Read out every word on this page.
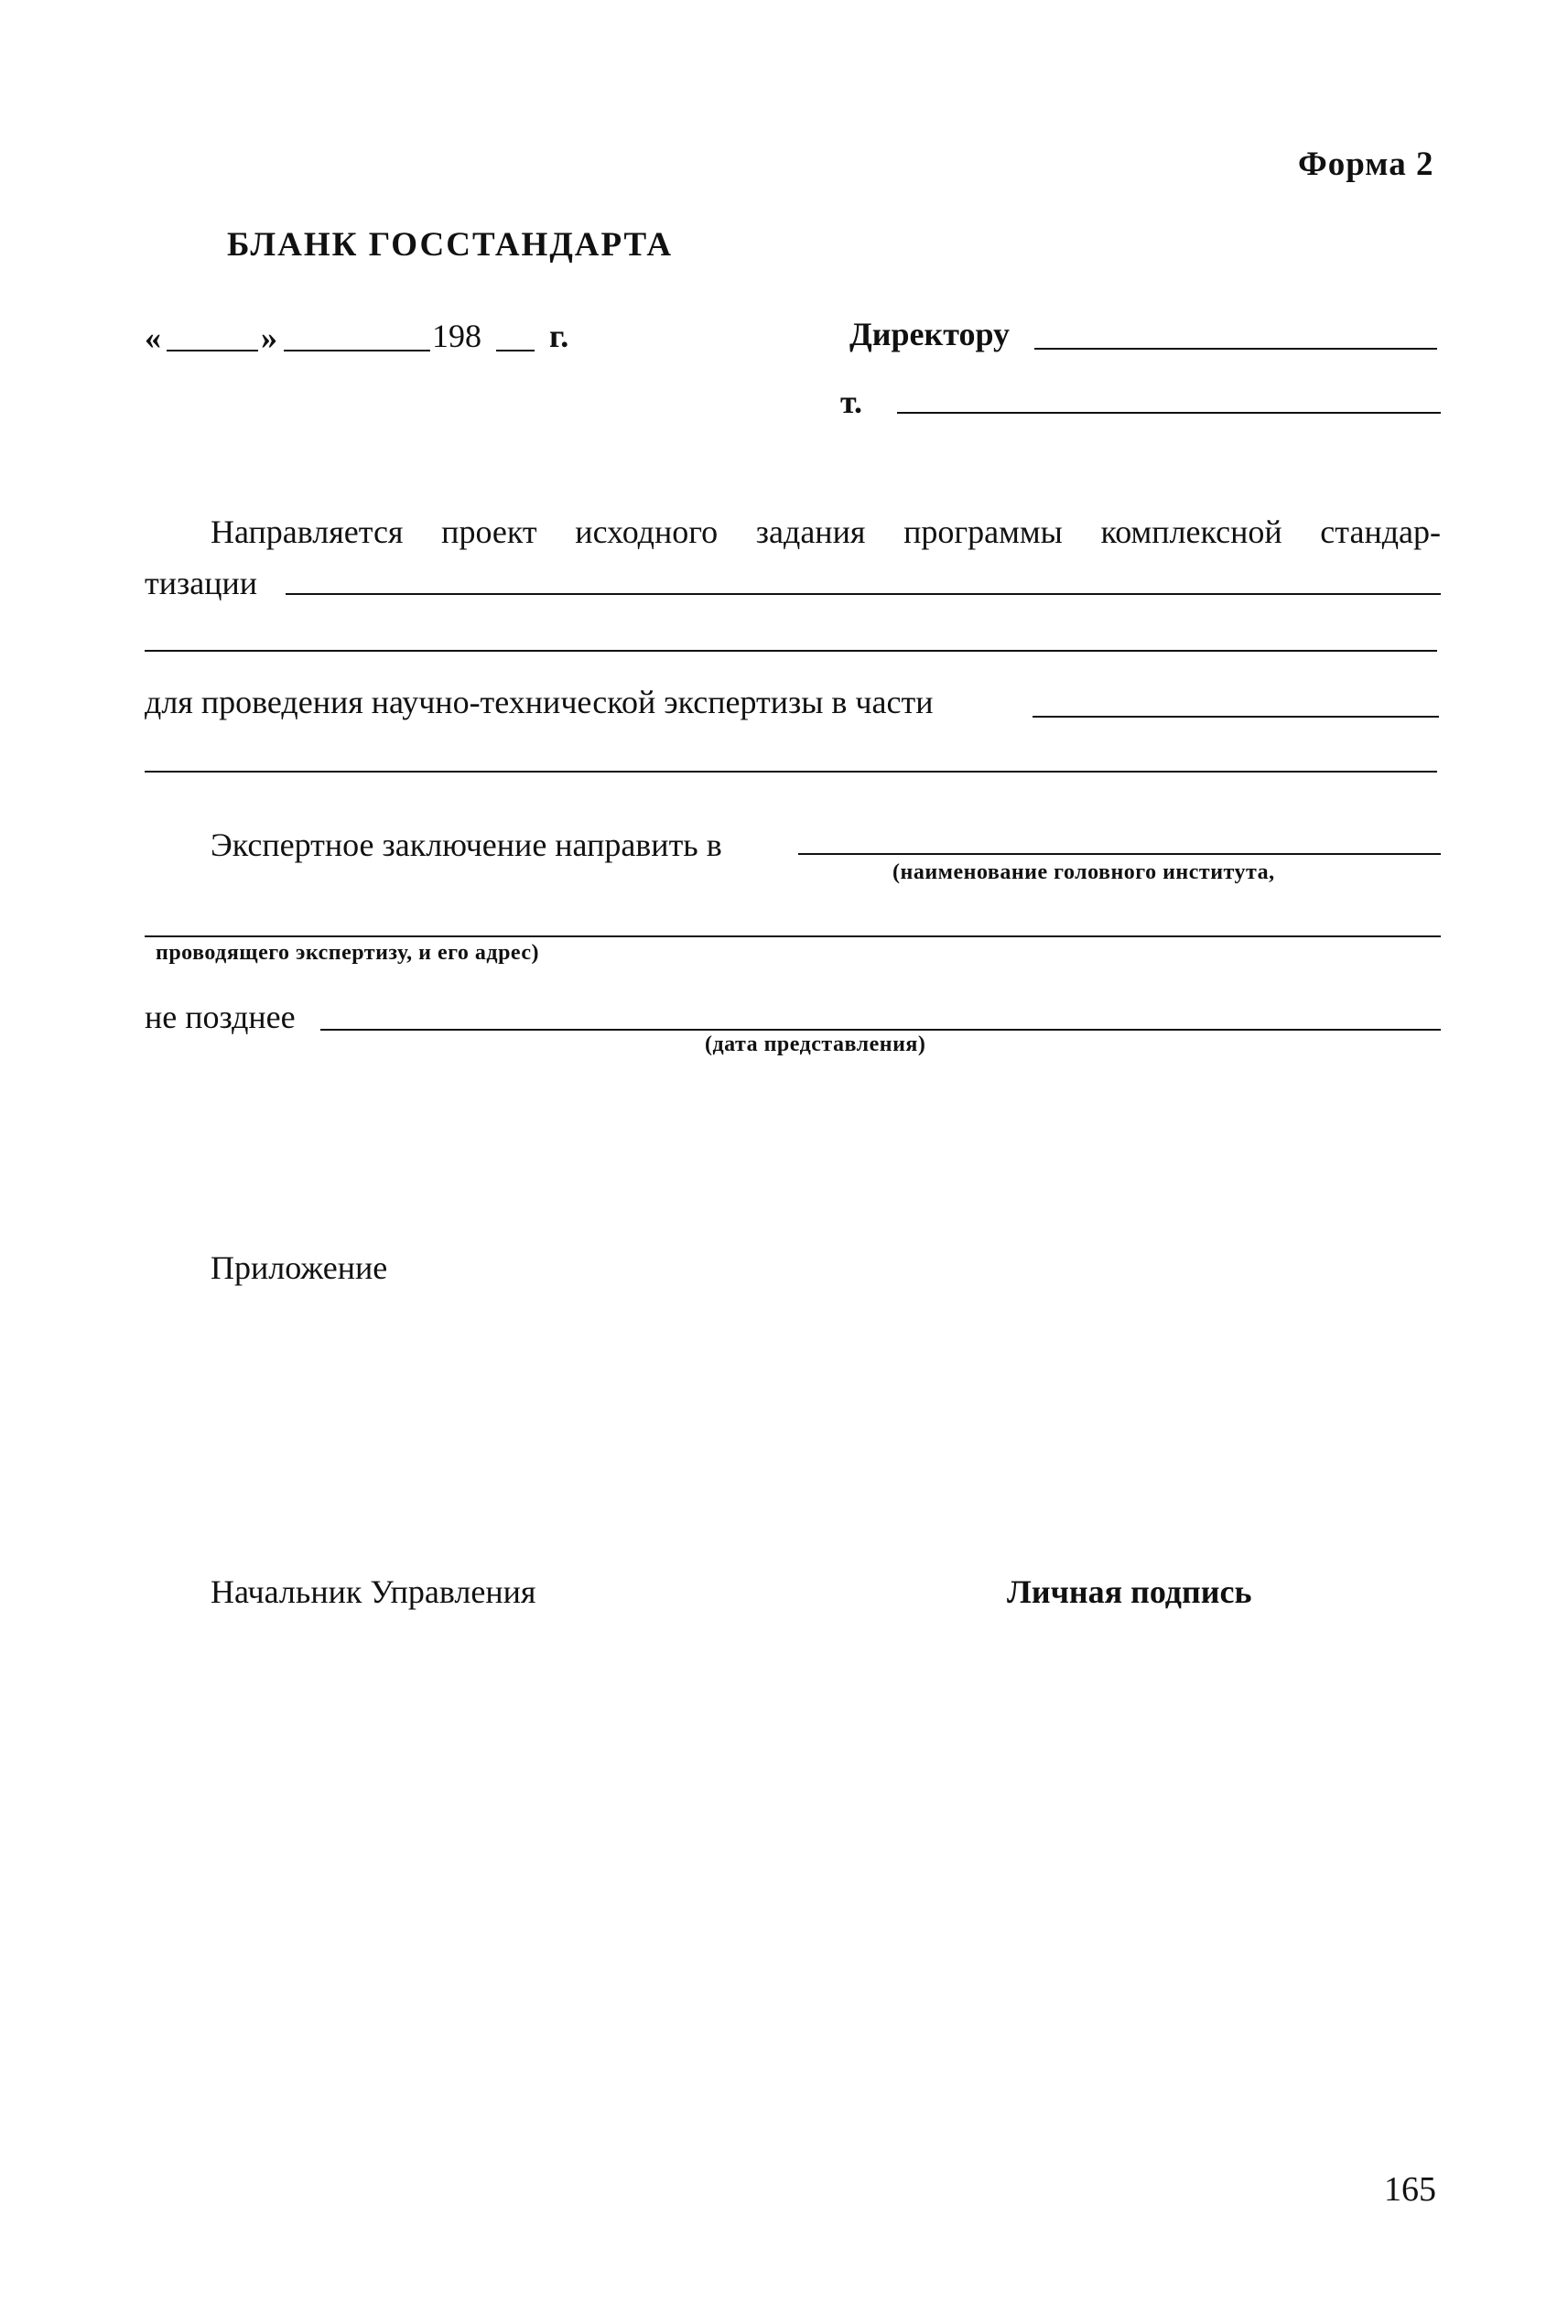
Форма 2
БЛАНК ГОССТАНДАРТА
«	»	198 г.	Директору
т.
Направляется проект исходного задания программы комплексной стандар-
тизации
для проведения научно-технической экспертизы в части
Экспертное заключение направить в
(наименование головного института,
проводящего экспертизу, и его адрес)
не позднее
(дата представления)
Приложение
Начальник Управления	Личная подпись
165
